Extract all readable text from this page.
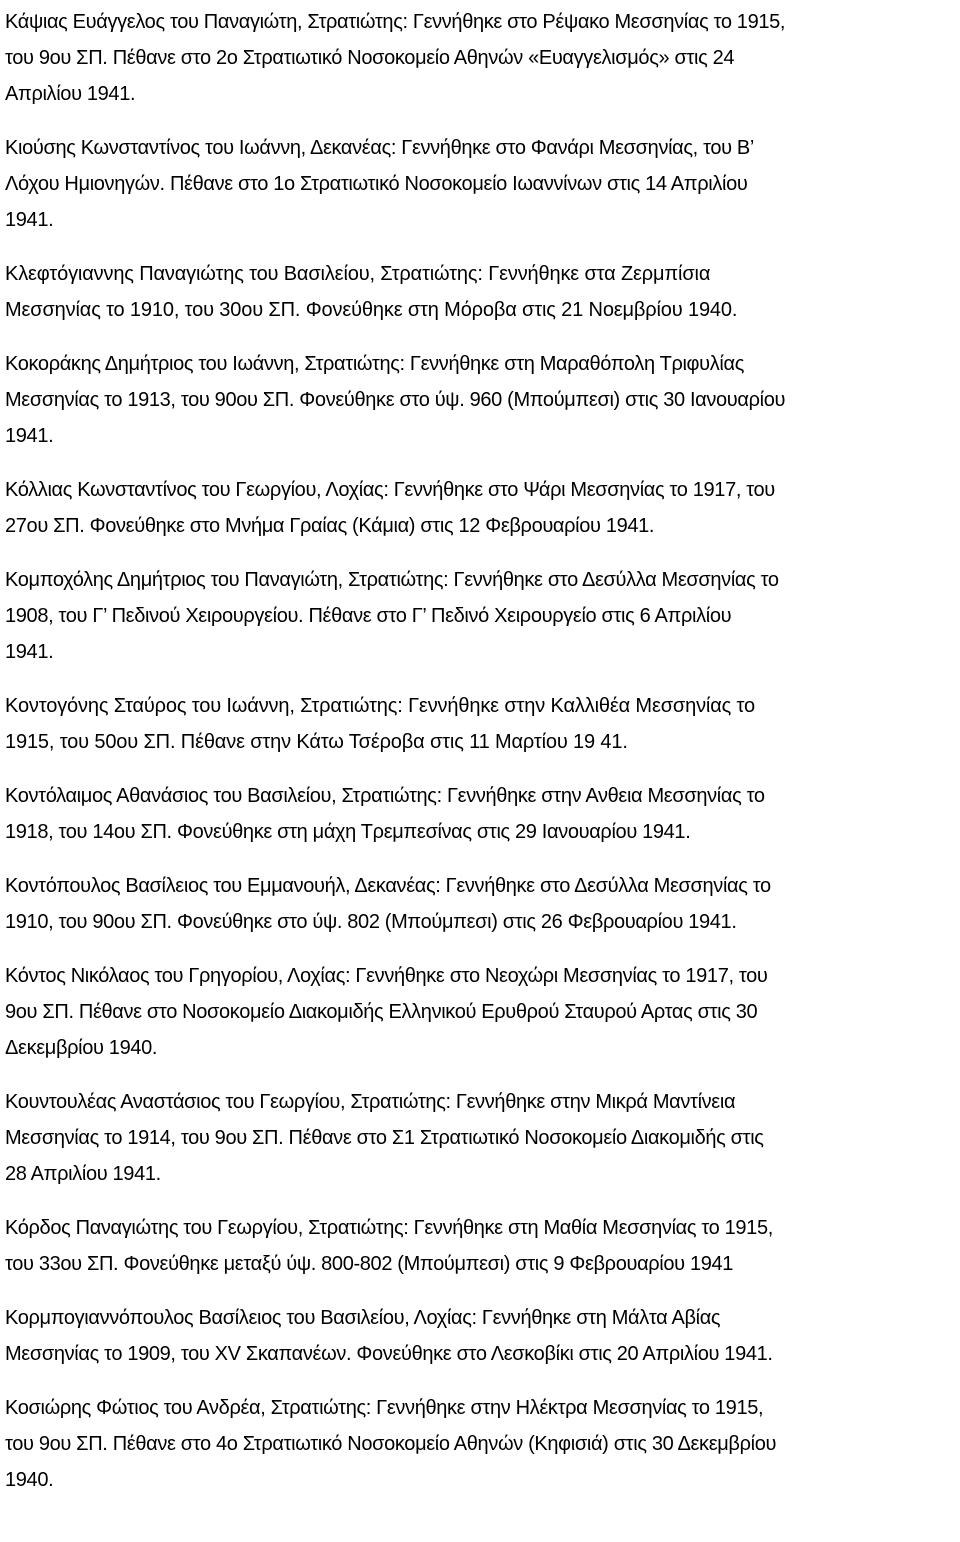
Κάψιας Ευάγγελος του Παναγιώτη, Στρατιώτης: Γεννήθηκε στο Ρέψακο Μεσσηνίας το 1915,

του 9ου ΣΠ. Πέθανε στο 2ο Στρατιωτικό Νοσοκομείο Αθηνών «Ευαγγελισμός» στις 24

Απριλίου 1941.

Κιούσης Κωνσταντίνος του Ιωάννη, Δεκανέας: Γεννήθηκε στο Φανάρι Μεσσηνίας, του Β’

Λόχου Ημιονηγών. Πέθανε στο 1ο Στρατιωτικό Νοσοκομείο Ιωαννίνων στις 14 Απριλίου

1941.

Κλεφτόγιαννης Παναγιώτης του Βασιλείου, Στρατιώτης: Γεννήθηκε στα Ζερμπίσια

Μεσσηνίας το 1910, του 30ου ΣΠ. Φονεύθηκε στη Μόροβα στις 21 Νοεμβρίου 1940.

Κοκοράκης Δημήτριος του Ιωάννη, Στρατιώτης: Γεννήθηκε στη Μαραθόπολη Τριφυλίας

Μεσσηνίας το 1913, του 90ου ΣΠ. Φονεύθηκε στο ύψ. 960 (Μπούμπεσι) στις 30 Ιανουαρίου

1941.

Κόλλιας Κωνσταντίνος του Γεωργίου, Λοχίας: Γεννήθηκε στο Ψάρι Μεσσηνίας το 1917, του

27ου ΣΠ. Φονεύθηκε στο Μνήμα Γραίας (Κάμια) στις 12 Φεβρουαρίου 1941.

Κομποχόλης Δημήτριος του Παναγιώτη, Στρατιώτης: Γεννήθηκε στο Δεσύλλα Μεσσηνίας το

1908, του Γ’ Πεδινού Χειρουργείου. Πέθανε στο Γ’ Πεδινό Χειρουργείο στις 6 Απριλίου

1941.

Κοντογόνης Σταύρος του Ιωάννη, Στρατιώτης: Γεννήθηκε στην Καλλιθέα Μεσσηνίας το

1915, του 50ου ΣΠ. Πέθανε στην Κάτω Τσέροβα στις 11 Μαρτίου 19 41.

Κοντόλαιμος Αθανάσιος του Βασιλείου, Στρατιώτης: Γεννήθηκε στην Ανθεια Μεσσηνίας το

1918, του 14ου ΣΠ. Φονεύθηκε στη μάχη Τρεμπεσίνας στις 29 Ιανουαρίου 1941.

Κοντόπουλος Βασίλειος του Εμμανουήλ, Δεκανέας: Γεννήθηκε στο Δεσύλλα Μεσσηνίας το

1910, του 90ου ΣΠ. Φονεύθηκε στο ύψ. 802 (Μπούμπεσι) στις 26 Φεβρουαρίου 1941.

Κόντος Νικόλαος του Γρηγορίου, Λοχίας: Γεννήθηκε στο Νεοχώρι Μεσσηνίας το 1917, του

9ου ΣΠ. Πέθανε στο Νοσοκομείο Διακομιδής Ελληνικού Ερυθρού Σταυρού Αρτας στις 30

Δεκεμβρίου 1940.

Κουντουλέας Αναστάσιος του Γεωργίου, Στρατιώτης: Γεννήθηκε στην Μικρά Μαντίνεια

Μεσσηνίας το 1914, του 9ου ΣΠ. Πέθανε στο Σ1 Στρατιωτικό Νοσοκομείο Διακομιδής στις

28 Απριλίου 1941.

Κόρδος Παναγιώτης του Γεωργίου, Στρατιώτης: Γεννήθηκε στη Μαθία Μεσσηνίας το 1915,

του 33ου ΣΠ. Φονεύθηκε μεταξύ ύψ. 800-802 (Μπούμπεσι) στις 9 Φεβρουαρίου 1941

Κορμπογιαννόπουλος Βασίλειος του Βασιλείου, Λοχίας: Γεννήθηκε στη Μάλτα Αβίας

Μεσσηνίας το 1909, του XV Σκαπανέων. Φονεύθηκε στο Λεσκοβίκι στις 20 Απριλίου 1941.

Κοσιώρης Φώτιος του Ανδρέα, Στρατιώτης: Γεννήθηκε στην Ηλέκτρα Μεσσηνίας το 1915,

του 9ου ΣΠ. Πέθανε στο 4ο Στρατιωτικό Νοσοκομείο Αθηνών (Κηφισιά) στις 30 Δεκεμβρίου

1940.
